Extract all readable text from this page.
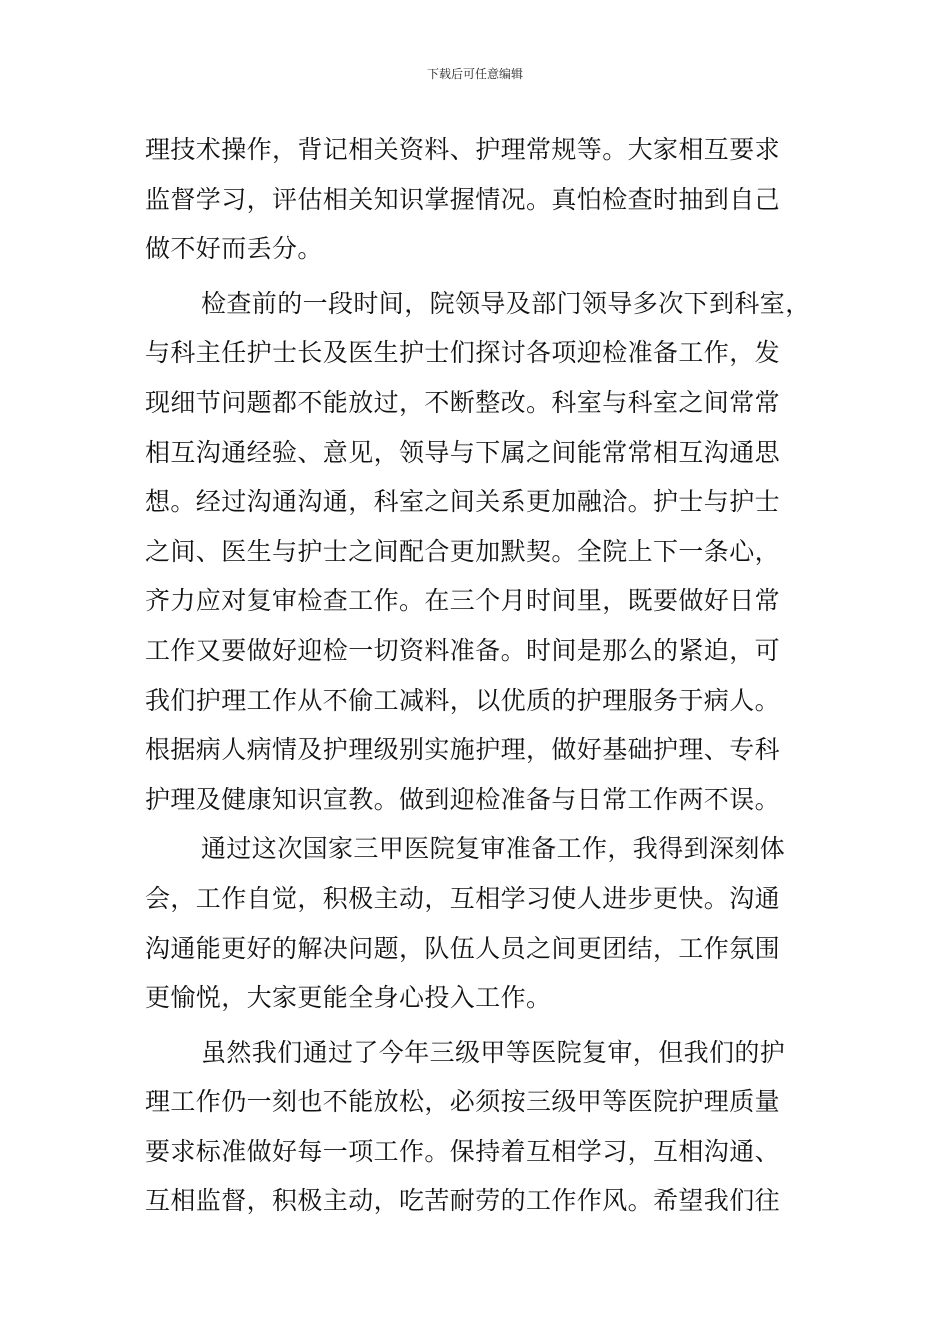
下载后可任意编辑
理技术操作，背记相关资料、护理常规等。大家相互要求
监督学习，评估相关知识掌握情况。真怕检查时抽到自己
做不好而丢分。
检查前的一段时间，院领导及部门领导多次下到科室，
与科主任护士长及医生护士们探讨各项迎检准备工作，发
现细节问题都不能放过，不断整改。科室与科室之间常常
相互沟通经验、意见，领导与下属之间能常常相互沟通思
想。经过沟通沟通，科室之间关系更加融洽。护士与护士
之间、医生与护士之间配合更加默契。全院上下一条心，
齐力应对复审检查工作。在三个月时间里，既要做好日常
工作又要做好迎检一切资料准备。时间是那么的紧迫，可
我们护理工作从不偷工减料，以优质的护理服务于病人。
根据病人病情及护理级别实施护理，做好基础护理、专科
护理及健康知识宣教。做到迎检准备与日常工作两不误。
通过这次国家三甲医院复审准备工作，我得到深刻体
会，工作自觉，积极主动，互相学习使人进步更快。沟通
沟通能更好的解决问题，队伍人员之间更团结，工作氛围
更愉悦，大家更能全身心投入工作。
虽然我们通过了今年三级甲等医院复审，但我们的护
理工作仍一刻也不能放松，必须按三级甲等医院护理质量
要求标准做好每一项工作。保持着互相学习，互相沟通、
互相监督，积极主动，吃苦耐劳的工作作风。希望我们往
